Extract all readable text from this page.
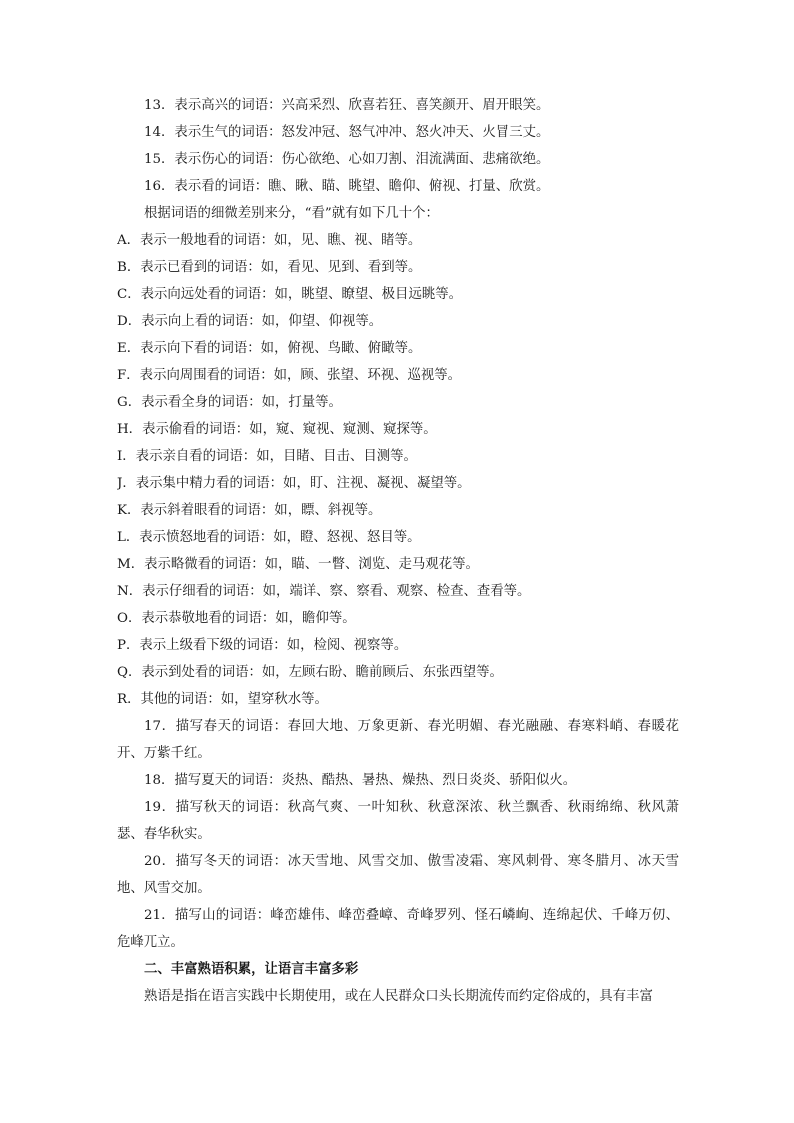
13．表示高兴的词语：兴高采烈、欣喜若狂、喜笑颜开、眉开眼笑。
14．表示生气的词语：怒发冲冠、怒气冲冲、怒火冲天、火冒三丈。
15．表示伤心的词语：伤心欲绝、心如刀割、泪流满面、悲痛欲绝。
16．表示看的词语：瞧、瞅、瞄、眺望、瞻仰、俯视、打量、欣赏。
根据词语的细微差别来分，“看”就有如下几十个：
A．表示一般地看的词语：如，见、瞧、视、睹等。
B．表示已看到的词语：如，看见、见到、看到等。
C．表示向远处看的词语：如，眺望、瞭望、极目远眺等。
D．表示向上看的词语：如，仰望、仰视等。
E．表示向下看的词语：如，俯视、鸟瞰、俯瞰等。
F．表示向周围看的词语：如，顾、张望、环视、巡视等。
G．表示看全身的词语：如，打量等。
H．表示偷看的词语：如，窥、窥视、窥测、窥探等。
I．表示亲自看的词语：如，目睹、目击、目测等。
J．表示集中精力看的词语：如，盯、注视、凝视、凝望等。
K．表示斜着眼看的词语：如，瞟、斜视等。
L．表示愤怒地看的词语：如，瞪、怒视、怒目等。
M．表示略微看的词语：如，瞄、一瞥、浏览、走马观花等。
N．表示仔细看的词语：如，端详、察、察看、观察、检查、查看等。
O．表示恭敬地看的词语：如，瞻仰等。
P．表示上级看下级的词语：如，检阅、视察等。
Q．表示到处看的词语：如，左顾右盼、瞻前顾后、东张西望等。
R．其他的词语：如，望穿秋水等。
17．描写春天的词语：春回大地、万象更新、春光明媚、春光融融、春寒料峭、春暖花开、万紫千红。
18．描写夏天的词语：炎热、酷热、暑热、燥热、烈日炎炎、骄阳似火。
19．描写秋天的词语：秋高气爽、一叶知秋、秋意深浓、秋兰飘香、秋雨绵绵、秋风萧瑟、春华秋实。
20．描写冬天的词语：冰天雪地、风雪交加、傲雪凌霜、寒风刺骨、寒冬腊月、冰天雪地、风雪交加。
21．描写山的词语：峰峦雄伟、峰峦叠嶂、奇峰罗列、怪石嶙峋、连绵起伏、千峰万仞、危峰兀立。
二、丰富熟语积累，让语言丰富多彩
熟语是指在语言实践中长期使用，或在人民群众口头长期流传而约定俗成的，具有丰富
